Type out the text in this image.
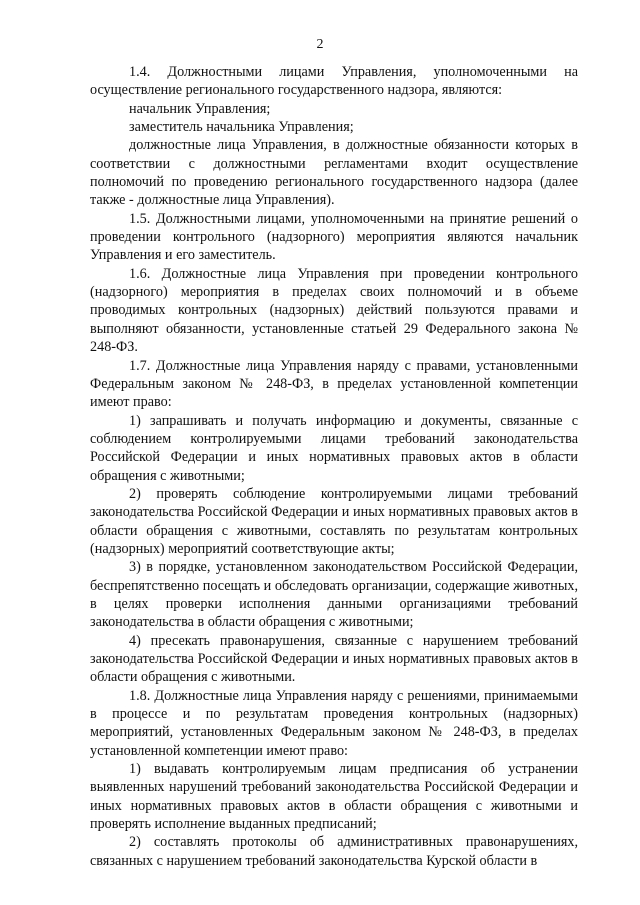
2

1.4. Должностными лицами Управления, уполномоченными на осуществление регионального государственного надзора, являются:

начальник Управления;

заместитель начальника Управления;

должностные лица Управления, в должностные обязанности которых в соответствии с должностными регламентами входит осуществление полномочий по проведению регионального государственного надзора (далее также - должностные лица Управления).

1.5. Должностными лицами, уполномоченными на принятие решений о проведении контрольного (надзорного) мероприятия являются начальник Управления и его заместитель.

1.6. Должностные лица Управления при проведении контрольного (надзорного) мероприятия в пределах своих полномочий и в объеме проводимых контрольных (надзорных) действий пользуются правами и выполняют обязанности, установленные статьей 29 Федерального закона № 248-ФЗ.

1.7. Должностные лица Управления наряду с правами, установленными Федеральным законом № 248-ФЗ, в пределах установленной компетенции имеют право:

1) запрашивать и получать информацию и документы, связанные с соблюдением контролируемыми лицами требований законодательства Российской Федерации и иных нормативных правовых актов в области обращения с животными;

2) проверять соблюдение контролируемыми лицами требований законодательства Российской Федерации и иных нормативных правовых актов в области обращения с животными, составлять по результатам контрольных (надзорных) мероприятий соответствующие акты;

3) в порядке, установленном законодательством Российской Федерации, беспрепятственно посещать и обследовать организации, содержащие животных, в целях проверки исполнения данными организациями требований законодательства в области обращения с животными;

4) пресекать правонарушения, связанные с нарушением требований законодательства Российской Федерации и иных нормативных правовых актов в области обращения с животными.

1.8. Должностные лица Управления наряду с решениями, принимаемыми в процессе и по результатам проведения контрольных (надзорных) мероприятий, установленных Федеральным законом № 248-ФЗ, в пределах установленной компетенции имеют право:

1) выдавать контролируемым лицам предписания об устранении выявленных нарушений требований законодательства Российской Федерации и иных нормативных правовых актов в области обращения с животными и проверять исполнение выданных предписаний;

2) составлять протоколы об административных правонарушениях, связанных с нарушением требований законодательства Курской области в
